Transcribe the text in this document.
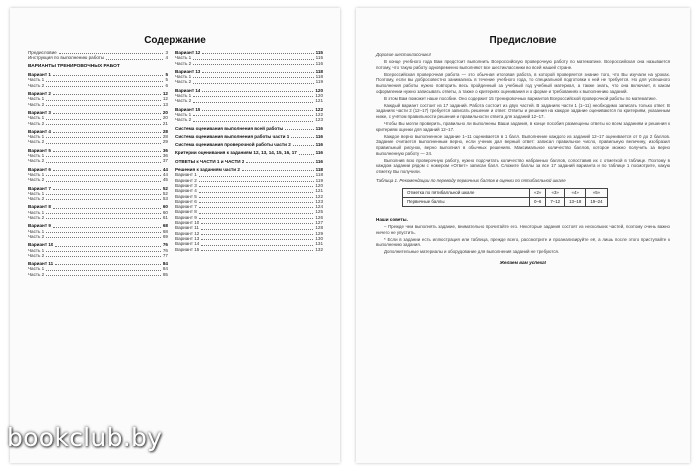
Содержание
Предисловие	3
Инструкция по выполнению работы	4
ВАРИАНТЫ ТРЕНИРОВОЧНЫХ РАБОТ
Вариант 1	5
Часть 1	5
Часть 2	6
Вариант 2	12
Часть 1	12
Часть 2	13
Вариант 3	20
Часть 1	20
Часть 2	21
Вариант 4	28
Часть 1	28
Часть 2	29
Вариант 5	36
Часть 1	36
Часть 2	37
Вариант 6	44
Часть 1	44
Часть 2	45
Вариант 7	52
Часть 1	52
Часть 2	53
Вариант 8	60
Часть 1	60
Часть 2	61
Вариант 9	68
Часть 1	68
Часть 2	69
Вариант 10	76
Часть 1	76
Часть 2	77
Вариант 11	84
Часть 1	84
Часть 2	85
Вариант 12	115
Часть 1	115
Часть 2	116
Вариант 13	118
Часть 1	118
Часть 2	119
Вариант 14	120
Часть 1	120
Часть 2	121
Вариант 15	122
Часть 1	122
Часть 2	123
Система оценивания выполнения всей работы	116
Система оценивания выполнения работы части 1	116
Система оценивания проверочной работы части 2	116
Критерии оценивания к заданиям 12, 13, 14, 15, 16, 17	116
ОТВЕТЫ к ЧАСТИ 1 и ЧАСТИ 2	116
Решения к заданиям части 2	118
Вариант 1	118
Вариант 2	119
Вариант 3	120
Вариант 4	121
Вариант 5	122
Вариант 6	123
Вариант 7	124
Вариант 8	125
Вариант 9	126
Вариант 10	127
Вариант 11	128
Вариант 12	129
Вариант 13	130
Вариант 14	131
Вариант 15	132
Предисловие

Дорогие шестиклассники!

В конце учебного года Вам предстоит выполнить Всероссийскую проверочную работу по математике. Всероссийская она называется потому, что такую работу одновременно выполняют все шестиклассники во всей нашей стране.

Всероссийская проверочная работа — это обычная итоговая работа, в которой проверяется знание того, что Вы изучали на уроках. Поэтому, если вы добросовестно занимались в течение учебного года, то специальной подготовки к ней не требуется. Но для успешного выполнения работы нужно повторить весь пройденный за учебный год учебный материал, а также знать, что она включает, в каком оформлении нужно записывать ответы, а также о критериях оценивания и о форме и требованиях к выполнению заданий.

В этом Вам поможет наше пособие. Оно содержит 15 тренировочных вариантов Всероссийской проверочной работы по математике.

Каждый вариант состоит из 17 заданий. Работа состоит из двух частей. В заданиях части 1 (1–11) необходимо записать только ответ. В заданиях части 2 (12–17) требуется записать решение и ответ. Ответы и решения на каждое задание оцениваются по критериям, указанным ниже, с учётом правильности решения и правильности ответа для заданий 12–17.

Чтобы Вы могли проверить, правильно ли выполнены Ваши задания, в конце пособия размещены ответы ко всем заданиям и решения к критериям оценки для заданий 12–17.

Каждое верно выполненное задание 1–11 оценивается в 1 балл. Выполнение каждого из заданий 12–17 оценивается от 0 до 2 баллов. Задание считается выполненным верно, если ученик дал верный ответ: записал правильное число, правильную величину, изобразил правильный рисунок, верно выполнил в обычных решениях. Максимальное количество баллов, которое можно получить за верно выполненную работу — 24.

Выполнив всю проверочную работу, нужно подсчитать количество набранных баллов, сопоставив их с отметкой в таблице. Поэтому в каждом задании рядом с номером «Ответ» записан балл. Сложите баллы за все 17 заданий варианта и по таблице 1 посмотрите, какую отметку Вы получили.

Таблица 1. Рекомендации по переводу первичных баллов в оценки по пятибалльной шкале

Отметка по пятибалльной шкале	«2»	«3»	«4»	«5»
Первичные баллы	0–6	7–12	13–18	19–24
Наши советы.

– Прежде чем выполнять задание, внимательно прочитайте его. Некоторые задания состоят из нескольких частей, поэтому очень важно ничего не упустить.

* Если в задании есть иллюстрация или таблица, прежде всего, рассмотрите и проанализируйте её, а лишь после этого приступайте к выполнению задания.

Дополнительные материалы и оборудование для выполнения заданий не требуются.

Желаем вам успеха!
bookclub.by
